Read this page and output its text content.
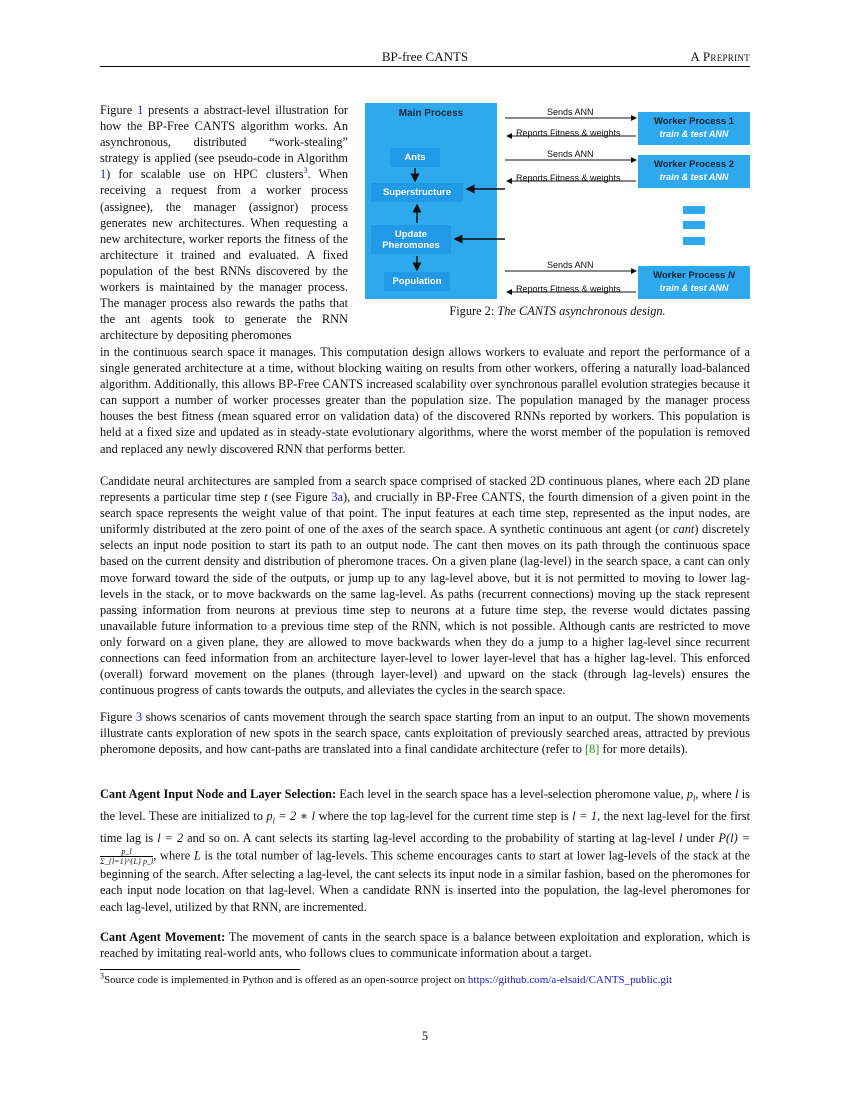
BP-free CANTS	A Preprint
Main Process
Ants
Superstructure
Update
Pheromones
Population
Sends ANN
Reports Fitness & weights
Sends ANN
Reports Fitness & weights
Sends ANN
Reports Fitness & weights
Worker Process 1
train & test ANN
Worker Process 2
train & test ANN
Worker Process N
train & test ANN
Figure 2: The CANTS asynchronous design.

Figure 1 presents a abstract-level illustration for how the BP-Free CANTS algorithm works. An asynchronous, distributed “work-stealing” strategy is applied (see pseudo-code in Algorithm 1) for scalable use on HPC clusters$^3$. When receiving a request from a worker process (assignee), the manager (assignor) process generates new architectures. When requesting a new architecture, worker reports the fitness of the architecture it trained and evaluated. A fixed population of the best RNNs discovered by the workers is maintained by the manager process. The manager process also rewards the paths that the ant agents took to generate the RNN architecture by depositing pheromones

in the continuous search space it manages. This computation design allows workers to evaluate and report the performance of a single generated architecture at a time, without blocking waiting on results from other workers, offering a naturally load-balanced algorithm. Additionally, this allows BP-Free CANTS increased scalability over synchronous parallel evolution strategies because it can support a number of worker processes greater than the population size. The population managed by the manager process houses the best fitness (mean squared error on validation data) of the discovered RNNs reported by workers. This population is held at a fixed size and updated as in steady-state evolutionary algorithms, where the worst member of the population is removed and replaced any newly discovered RNN that performs better.

Candidate neural architectures are sampled from a search space comprised of stacked 2D continuous planes, where each 2D plane represents a particular time step t (see Figure 3a), and crucially in BP-Free CANTS, the fourth dimension of a given point in the search space represents the weight value of that point. The input features at each time step, represented as the input nodes, are uniformly distributed at the zero point of one of the axes of the search space. A synthetic continuous ant agent (or cant) discretely selects an input node position to start its path to an output node. The cant then moves on its path through the continuous space based on the current density and distribution of pheromone traces. On a given plane (lag-level) in the search space, a cant can only move forward toward the side of the outputs, or jump up to any lag-level above, but it is not permitted to moving to lower lag-levels in the stack, or to move backwards on the same lag-level. As paths (recurrent connections) moving up the stack represent passing information from neurons at previous time step to neurons at a future time step, the reverse would dictates passing unavailable future information to a previous time step of the RNN, which is not possible. Although cants are restricted to move only forward on a given plane, they are allowed to move backwards when they do a jump to a higher lag-level since recurrent connections can feed information from an architecture layer-level to lower layer-level that has a higher lag-level. This enforced (overall) forward movement on the planes (through layer-level) and upward on the stack (through lag-levels) ensures the continuous progress of cants towards the outputs, and alleviates the cycles in the search space.

Figure 3 shows scenarios of cants movement through the search space starting from an input to an output. The shown movements illustrate cants exploration of new spots in the search space, cants exploitation of previously searched areas, attracted by previous pheromone deposits, and how cant-paths are translated into a final candidate architecture (refer to [8] for more details).

Cant Agent Input Node and Layer Selection: Each level in the search space has a level-selection pheromone value, $p_l$, where l is the level. These are initialized to $p_l = 2$ ∗ l where the top lag-level for the current time step is l = 1, the next lag-level for the first time lag is l = 2 and so on. A cant selects its starting lag-level according to the probability of starting at lag-level l under P(l) =
$\frac{p\_l}{\Sigma\_\{l=1\}\^{}\{L\} p\_l}$ , where L is the total number of lag-levels. This scheme encourages cants to start at lower lag-levels of the stack at the beginning of the search. After selecting a lag-level, the cant selects its input node in a similar fashion, based on the pheromones for each input node location on that lag-level. When a candidate RNN is inserted into the population, the lag-level pheromones for each lag-level, utilized by that RNN, are incremented.

Cant Agent Movement: The movement of cants in the search space is a balance between exploitation and exploration, which is reached by imitating real-world ants, who follows clues to communicate information about a target.

$^3$Source code is implemented in Python and is offered as an open-source project on https://github.com/a-elsaid/CANTS_public.git
5
